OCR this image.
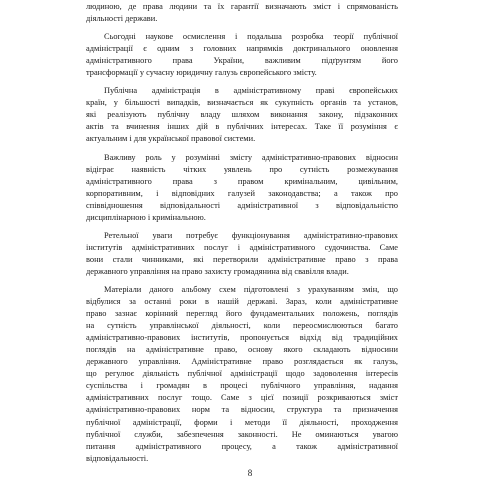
людиною, де права людини та їх гарантії визначають зміст і спрямованість
діяльності держави.
Сьогодні наукове осмислення і подальша розробка теорії публічної
адміністрації є одним з головних напрямків доктринального оновлення
адміністративного права України, важливим підґрунтям його
трансформації у сучасну юридичну галузь європейського змісту.
Публічна адміністрація в адміністративному праві європейських
країн, у більшості випадків, визначається як сукупність органів та установ,
які реалізують публічну владу шляхом виконання закону, підзаконних
актів та вчинення інших дій в публічних інтересах. Таке її розуміння є
актуальним і для української правової системи.
Важливу роль у розумінні змісту адміністративно-правових відносин
відіграє наявність чітких уявлень про сутність розмежування
адміністративного права з правом кримінальним, цивільним,
корпоративним, і відповідних галузей законодавства; а також про
співвідношення відповідальності адміністративної з відповідальністю
дисциплінарною і кримінальною.
Ретельної уваги потребує функціонування адміністративно-правових
інститутів адміністративних послуг і адміністративного судочинства. Саме
вони стали чинниками, які перетворили адміністративне право з права
державного управління на право захисту громадянина від свавілля влади.
Матеріали даного альбому схем підготовлені з урахуванням змін, що
відбулися за останні роки в нашій державі. Зараз, коли адміністративне
право зазнає корінний перегляд його фундаментальних положень, поглядів
на сутність управлінської діяльності, коли переосмислюються багато
адміністративно-правових інститутів, пропонується відхід від традиційних
поглядів на адміністративне право, основу якого складають відносини
державного управління. Адміністративне право розглядається як галузь,
що регулює діяльність публічної адміністрації щодо задоволення інтересів
суспільства і громадян в процесі публічного управління, надання
адміністративних послуг тощо. Саме з цієї позиції розкриваються зміст
адміністративно-правових норм та відносин, структура та призначення
публічної адміністрації, форми і методи її діяльності, проходження
публічної служби, забезпечення законності. Не оминаються увагою
питання адміністративного процесу, а також адміністративної
відповідальності.
8
